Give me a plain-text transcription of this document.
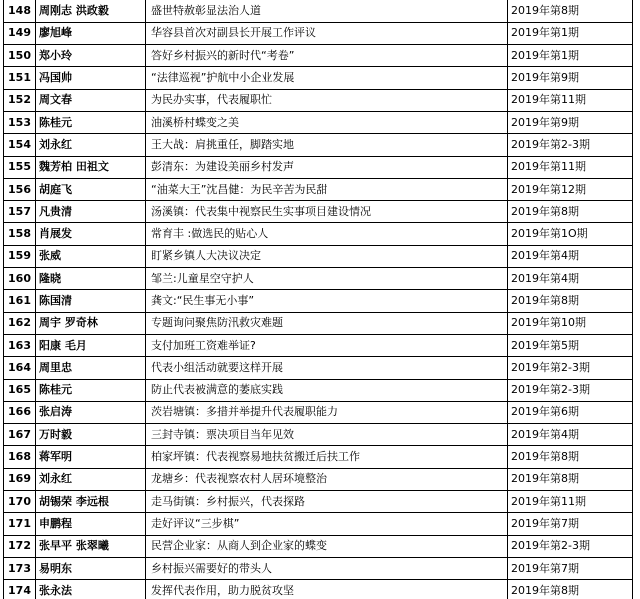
148	周刚志 洪政毅	盛世特赦彰显法治人道	2019年第8期
149	廖旭峰	华容县首次对副县长开展工作评议	2019年第1期
150	郑小玲	答好乡村振兴的新时代“考卷”	2019年第1期
151	冯国帅	“法律巡视”护航中小企业发展	2019年第9期
152	周文春	为民办实事，代表履职忙	2019年第11期
153	陈桂元	油溪桥村蝶变之美	2019年第9期
154	刘永红	王大战：肩挑重任，脚踏实地	2019年第2-3期
155	魏芳柏 田祖文	彭清东：为建设美丽乡村发声	2019年第11期
156	胡庭飞	“油菜大王”沈昌健：为民辛苦为民甜	2019年第12期
157	凡贵清	汤溪镇：代表集中视察民生实事项目建设情况	2019年第8期
158	肖展发	常育丰 :做选民的贴心人	2019年第1O期
159	张威	盯紧乡镇人大决议决定	2019年第4期
160	隆晓	邹兰:儿童星空守护人	2019年第4期
161	陈国清	龚文:“民生事无小事”	2019年第8期
162	周宇 罗奇林	专题询问聚焦防汛救灾难题	2019年第10期
163	阳康 毛月	支付加班工资难举证?	2019年第5期
164	周里忠	代表小组活动就要这样开展	2019年第2-3期
165	陈桂元	防止代表被满意的萎底实践	2019年第2-3期
166	张启涛	茨岩塘镇：多措并举提升代表履职能力	2019年第6期
167	万时毅	三封寺镇：票决项目当年见效	2019年第4期
168	蒋军明	柏家坪镇：代表视察易地扶贫搬迁后扶工作	2019年第8期
169	刘永红	龙塘乡：代表视察农村人居环境整治	2019年第8期
170	胡锡荣 李远根	走马街镇：乡村振兴，代表探路	2019年第11期
171	申鹏程	走好评议“三步棋”	2019年第7期
172	张早平 张翠曦	民营企业家：从商人到企业家的蝶变	2019年第2-3期
173	易明东	乡村振兴需要好的带头人	2019年第7期
174	张永法	发挥代表作用，助力脱贫攻坚	2019年第8期
